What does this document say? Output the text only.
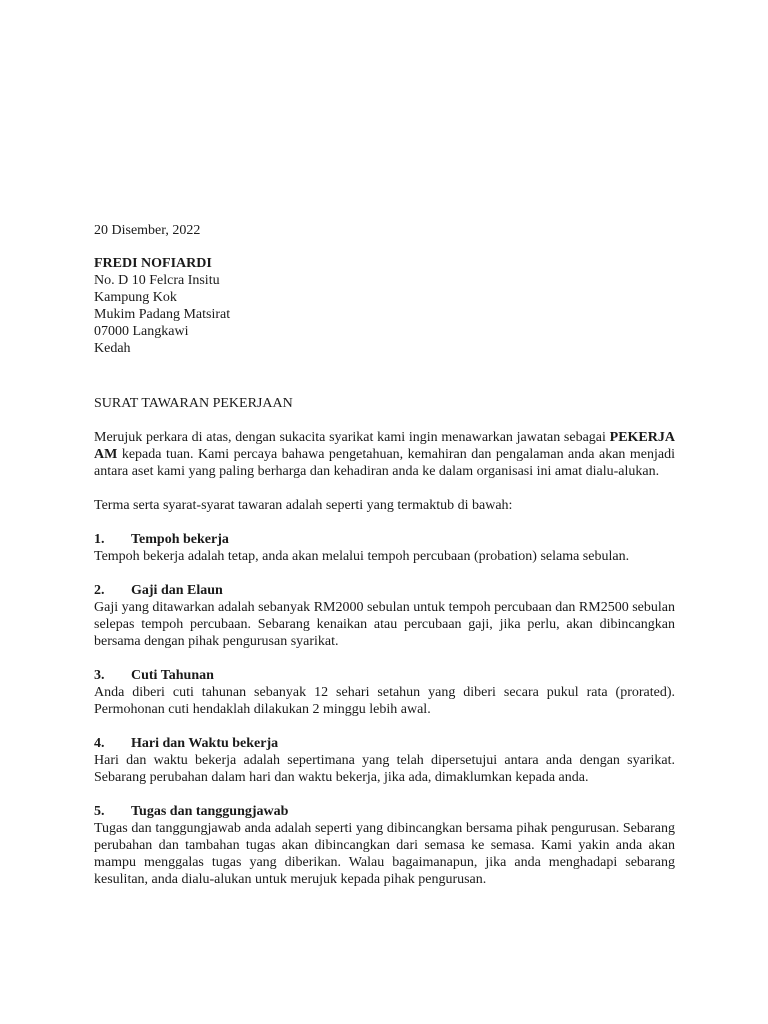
20 Disember, 2022
FREDI NOFIARDI
No. D 10 Felcra Insitu
Kampung Kok
Mukim Padang Matsirat
07000 Langkawi
Kedah
SURAT TAWARAN PEKERJAAN

Merujuk perkara di atas, dengan sukacita syarikat kami ingin menawarkan jawatan sebagai PEKERJA AM kepada tuan. Kami percaya bahawa pengetahuan, kemahiran dan pengalaman anda akan menjadi antara aset kami yang paling berharga dan kehadiran anda ke dalam organisasi ini amat dialu-alukan.

Terma serta syarat-syarat tawaran adalah seperti yang termaktub di bawah:

1.	Tempoh bekerja

Tempoh bekerja adalah tetap, anda akan melalui tempoh percubaan (probation) selama sebulan.

2.	Gaji dan Elaun

Gaji yang ditawarkan adalah sebanyak RM2000 sebulan untuk tempoh percubaan dan RM2500 sebulan selepas tempoh percubaan. Sebarang kenaikan atau percubaan gaji, jika perlu, akan dibincangkan bersama dengan pihak pengurusan syarikat.

3.	Cuti Tahunan

Anda diberi cuti tahunan sebanyak 12 sehari setahun yang diberi secara pukul rata (prorated). Permohonan cuti hendaklah dilakukan 2 minggu lebih awal.

4.	Hari dan Waktu bekerja

Hari dan waktu bekerja adalah sepertimana yang telah dipersetujui antara anda dengan syarikat. Sebarang perubahan dalam hari dan waktu bekerja, jika ada, dimaklumkan kepada anda.

5.	Tugas dan tanggungjawab

Tugas dan tanggungjawab anda adalah seperti yang dibincangkan bersama pihak pengurusan. Sebarang perubahan dan tambahan tugas akan dibincangkan dari semasa ke semasa. Kami yakin anda akan mampu menggalas tugas yang diberikan. Walau bagaimanapun, jika anda menghadapi sebarang kesulitan, anda dialu-alukan untuk merujuk kepada pihak pengurusan.
